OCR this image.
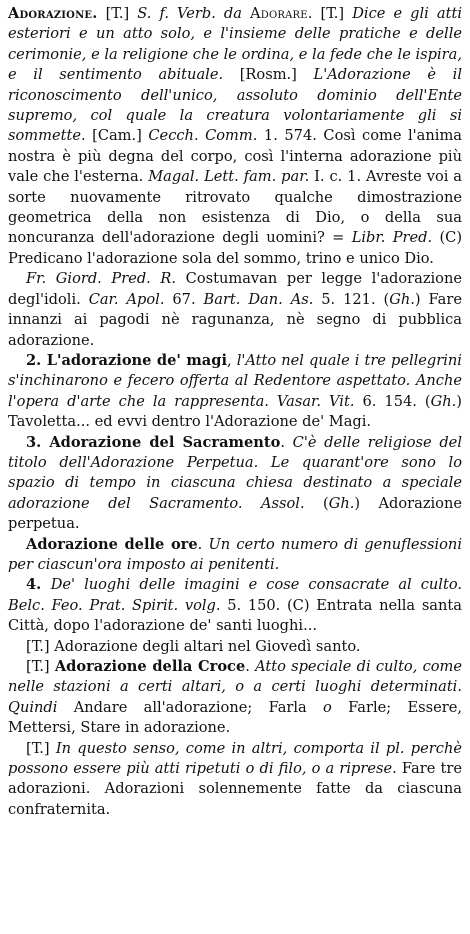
Adorazione. [T.] S. f. Verb. da Adorare. [T.] Dice e gli atti esteriori e un atto solo, e l'insieme delle pratiche e delle cerimonie, e la religione che le ordina, e la fede che le ispira, e il sentimento abituale. [Rosm.] L'Adorazione è il riconoscimento dell'unico, assoluto dominio dell'Ente supremo, col quale la creatura volontariamente gli si sommette. [Cam.] Cecch. Comm. 1. 574. Così come l'anima nostra è più degna del corpo, così l'interna adorazione più vale che l'esterna. Magal. Lett. fam. par. I. c. 1. Avreste voi a sorte nuovamente ritrovato qualche dimostrazione geometrica della non esistenza di Dio, o della sua noncuranza dell'adorazione degli uomini? = Libr. Pred. (C) Predicano l'adorazione sola del sommo, trino e unico Dio.

Fr. Giord. Pred. R. Costumavan per legge l'adorazione degl'idoli. Car. Apol. 67. Bart. Dan. As. 5. 121. (Gh.) Fare innanzi ai pagodi nè ragunanza, nè segno di pubblica adorazione.

2. L'adorazione de' magi, l'Atto nel quale i tre pellegrini s'inchinarono e fecero offerta al Redentore aspettato. Anche l'opera d'arte che la rappresenta. Vasar. Vit. 6. 154. (Gh.) Tavoletta... ed evvi dentro l'Adorazione de' Magi.

3. Adorazione del Sacramento. C'è delle religiose del titolo dell'Adorazione Perpetua. Le quarant'ore sono lo spazio di tempo in ciascuna chiesa destinato a speciale adorazione del Sacramento. Assol. (Gh.) Adorazione perpetua.

Adorazione delle ore. Un certo numero di genuflessioni per ciascun'ora imposto ai penitenti.

4. De' luoghi delle imagini e cose consacrate al culto. Belc. Feo. Prat. Spirit. volg. 5. 150. (C) Entrata nella santa Città, dopo l'adorazione de' santi luoghi...

[T.] Adorazione degli altari nel Giovedì santo.

[T.] Adorazione della Croce. Atto speciale di culto, come nelle stazioni a certi altari, o a certi luoghi determinati. Quindi Andare all'adorazione; Farla o Farle; Essere, Mettersi, Stare in adorazione.

[T.] In questo senso, come in altri, comporta il pl. perchè possono essere più atti ripetuti o di filo, o a riprese. Fare tre adorazioni. Adorazioni solennemente fatte da ciascuna confraternita.
